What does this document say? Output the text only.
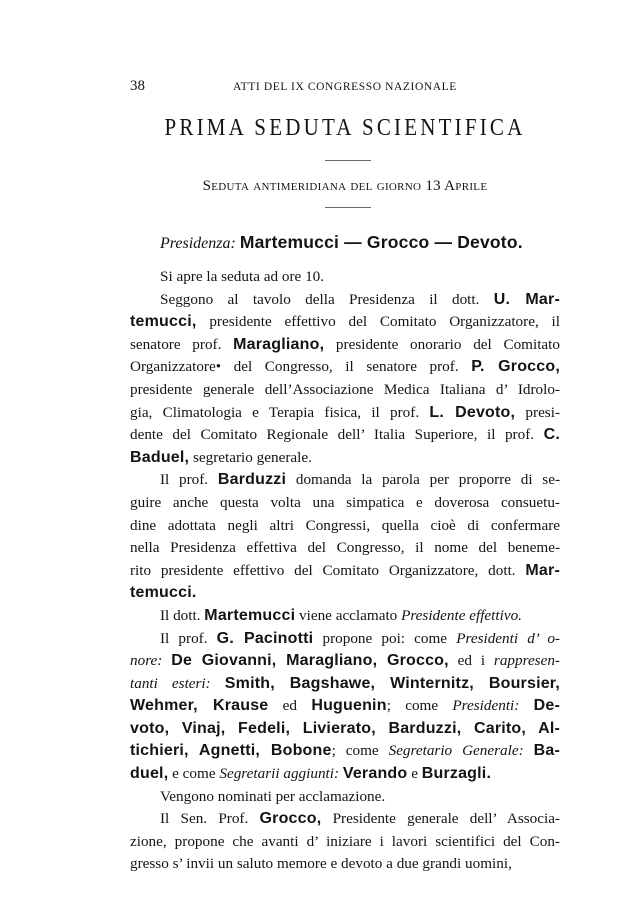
38	ATTI DEL IX CONGRESSO NAZIONALE
PRIMA SEDUTA SCIENTIFICA
Seduta antimeridiana del giorno 13 Aprile
Presidenza: Martemucci — Grocco — Devoto.
Si apre la seduta ad ore 10.
Seggono al tavolo della Presidenza il dott. U. Mar-
temucci, presidente effettivo del Comitato Organizzatore, il
senatore prof. Maragliano, presidente onorario del Comitato
Organizzatore• del Congresso, il senatore prof. P. Grocco,
presidente generale dell’Associazione Medica Italiana d’ Idrolo-
gia, Climatologia e Terapia fisica, il prof. L. Devoto, presi-
dente del Comitato Regionale dell’ Italia Superiore, il prof. C.
Baduel, segretario generale.
Il prof. Barduzzi domanda la parola per proporre di se-
guire anche questa volta una simpatica e doverosa consuetu-
dine adottata negli altri Congressi, quella cioè di confermare
nella Presidenza effettiva del Congresso, il nome del beneme-
rito presidente effettivo del Comitato Organizzatore, dott. Mar-
temucci.
Il dott. Martemucci viene acclamato Presidente effettivo.
Il prof. G. Pacinotti propone poi: come Presidenti d’ o-
nore: De Giovanni, Maragliano, Grocco, ed i rappresen-
tanti esteri: Smith, Bagshawe, Winternitz, Boursier,
Wehmer, Krause ed Huguenin; come Presidenti: De-
voto, Vinaj, Fedeli, Livierato, Barduzzi, Carito, Al-
tichieri, Agnetti, Bobone; come Segretario Generale: Ba-
duel, e come Segretarii aggiunti: Verando e Burzagli.
Vengono nominati per acclamazione.
Il Sen. Prof. Grocco, Presidente generale dell’ Associa-
zione, propone che avanti d’ iniziare i lavori scientifici del Con-
gresso s’ invii un saluto memore e devoto a due grandi uomini,
